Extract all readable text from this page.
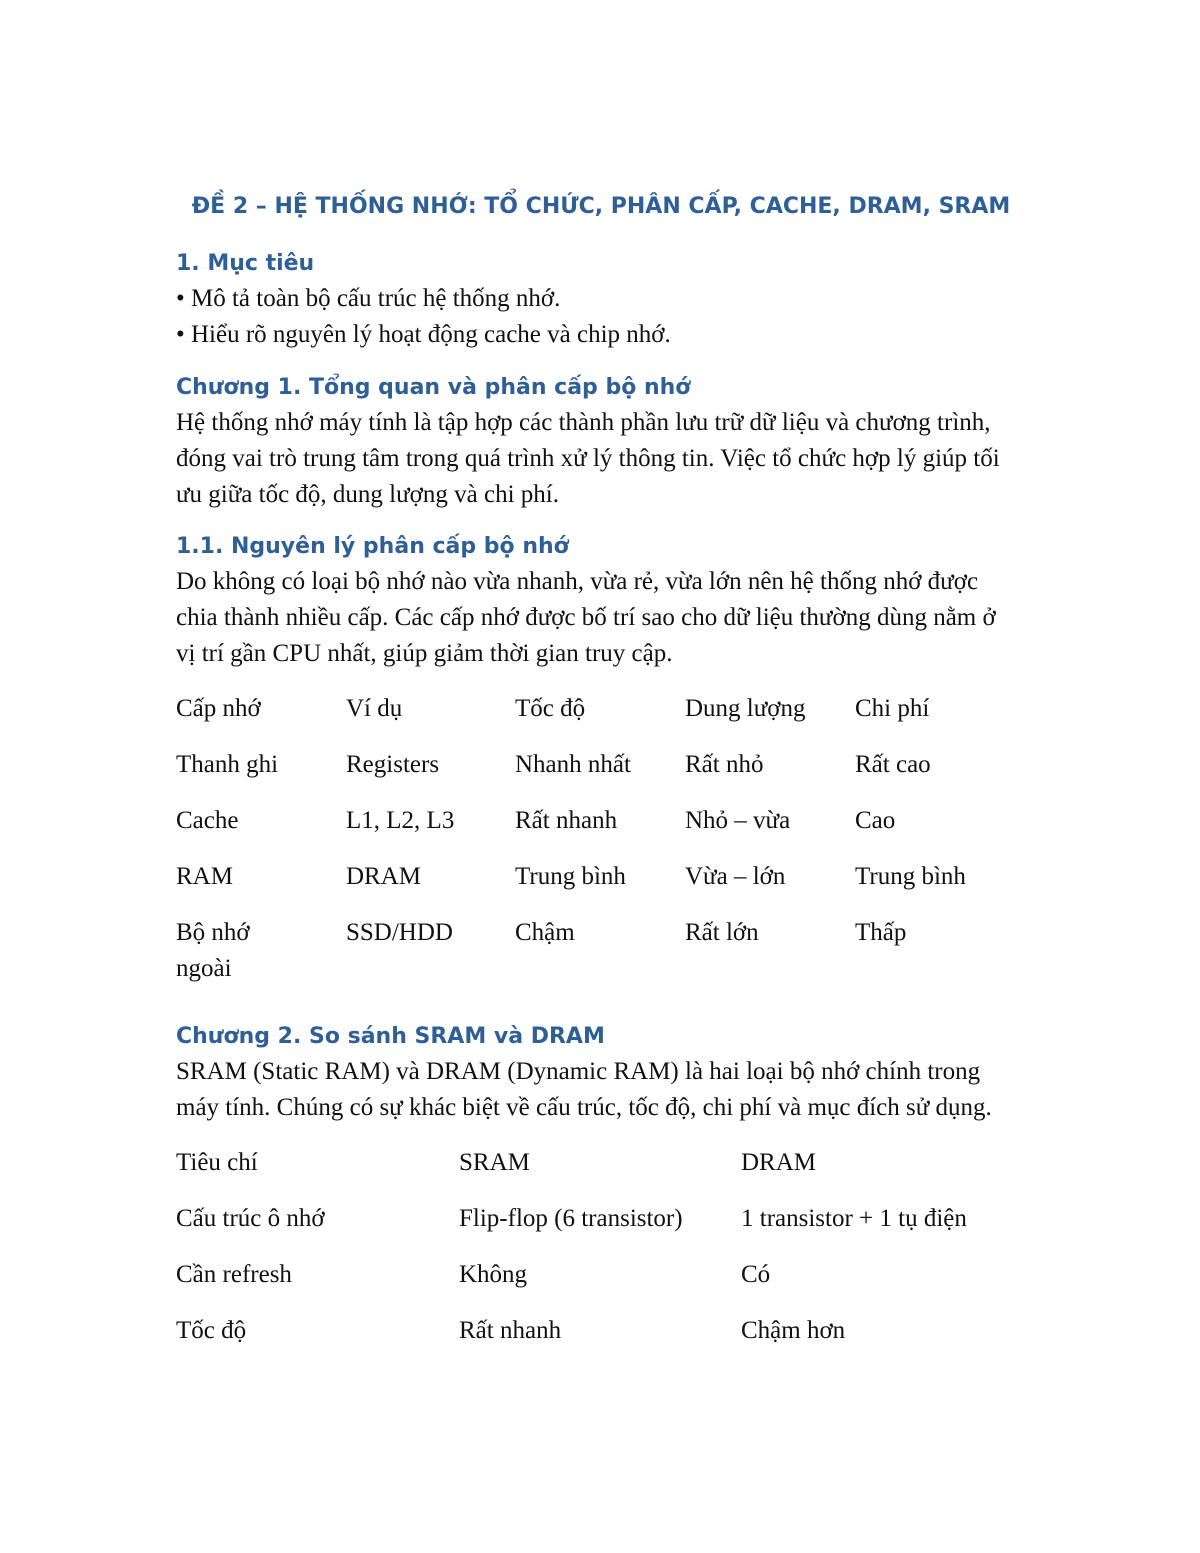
ĐỀ 2 – HỆ THỐNG NHỚ: TỔ CHỨC, PHÂN CẤP, CACHE, DRAM, SRAM
1. Mục tiêu
• Mô tả toàn bộ cấu trúc hệ thống nhớ.
• Hiểu rõ nguyên lý hoạt động cache và chip nhớ.
Chương 1. Tổng quan và phân cấp bộ nhớ

Hệ thống nhớ máy tính là tập hợp các thành phần lưu trữ dữ liệu và chương trình, đóng vai trò trung tâm trong quá trình xử lý thông tin. Việc tổ chức hợp lý giúp tối ưu giữa tốc độ, dung lượng và chi phí.

1.1. Nguyên lý phân cấp bộ nhớ

Do không có loại bộ nhớ nào vừa nhanh, vừa rẻ, vừa lớn nên hệ thống nhớ được chia thành nhiều cấp. Các cấp nhớ được bố trí sao cho dữ liệu thường dùng nằm ở vị trí gần CPU nhất, giúp giảm thời gian truy cập.

Cấp nhớ	Ví dụ	Tốc độ	Dung lượng	Chi phí
Thanh ghi	Registers	Nhanh nhất	Rất nhỏ	Rất cao
Cache	L1, L2, L3	Rất nhanh	Nhỏ – vừa	Cao
RAM	DRAM	Trung bình	Vừa – lớn	Trung bình
Bộ nhớ ngoài	SSD/HDD	Chậm	Rất lớn	Thấp
Chương 2. So sánh SRAM và DRAM

SRAM (Static RAM) và DRAM (Dynamic RAM) là hai loại bộ nhớ chính trong máy tính. Chúng có sự khác biệt về cấu trúc, tốc độ, chi phí và mục đích sử dụng.

Tiêu chí	SRAM	DRAM
Cấu trúc ô nhớ	Flip-flop (6 transistor)	1 transistor + 1 tụ điện
Cần refresh	Không	Có
Tốc độ	Rất nhanh	Chậm hơn
